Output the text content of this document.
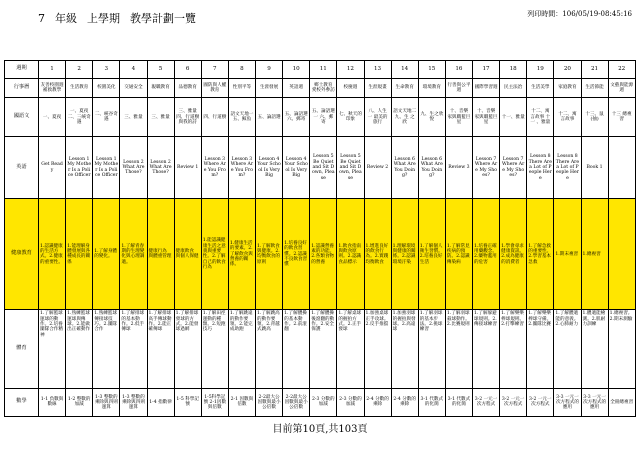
7 年級 上學期 教學計劃一覽	列印時間：106/05/19-08:45:16
週期	1	2	3	4	5	6	7	8	9	10	11	12	13	14	15	16	17	18	19	20	21	22
行事曆	友善校園週 補救教學	生活教育	校園美化	交通安全	親職教育	品德教育	國防與人權教育	性別平等	生涯發展	英語週	鄉土教育 愛校外參訪	校慶週	生涯規畫	生命教育	環境教育	行善與公平週	國際學習週	民主法治	生活美學	家庭教育	生活節能	文藝與能源週
國語文	一、夏夜	一、夏夜 二、三峽奇遇	二、峽谷奇遇	三、雅量	三、雅量	三、雅量 四、行道樹與我的詩	四、行道樹	語文天地一 五、鯨魚	五、論語選	五、論語選 六、郵寄	五、論語選 一 六、郵寄	七、秋天的 印象	八、人生 一 最美的旅行	語文天地二 九、生 之欣	九、生之欣悅	十、音樂 家與職籃巨星	十、音樂 家與職籃巨星	十一、雅量	十二、寓 言故事 十一 、雅量	十二、寓 言故事	十三、鼠 (抽)	十三 總複習
英語	Get Ready	Lesson 1 My Mother Is a Police Officer	Lesson 1 My Mother Is a Police Officer	Lesson 2 What Are Those?	Lesson 2 What Are Those?	Review 1	Lesson 3 Where Are You From?	Lesson 3 Where Are You From?	Lesson 4 Your School Is Very Big	Lesson 4 Your School Is Very Big	Lesson 5 Be Quiet and Sit Down, Please	Lesson 5 Be Quiet and Sit Down, Please	Review 2	Lesson 6 What Are You Doing?	Lesson 6 What Are You Doing?	Review 3	Lesson 7 Where Are My Shoes?	Lesson 7 Where Are My Shoes?	Lesson 8 There Are a Lot of People Here	Lesson 8 There Are a Lot of People Here	Book 1	
健康教育	1.認識健康的生活方式。2.健康的重要性。	1.能理解身體發展與各種成長的關係	1.了解身體的變化。	1.了解青春期的生理變化與心理調適。	健康行為 與體重管理	健康飲食 與個人保健	1.能認識健康生活之意義與重要性。2.了解自己的飲食行為	1.健康生活的要素。2.了解飲食與營養的關係。	1.了解飲食與健康。2.均衡飲食的原則	1.培養良好的飲食習慣。2.認識不良飲食習慣	1.認識營養素的功能。2.各類食物的營養	1.飲食指南與飲食原則。2.認識食品標示	1.增進良好的飲食行為。2.實踐均衡飲食	1.理解環境與健康的關係。2.認識環境汙染	1.了解個人衛生習慣。2.培養良好生活	1.了解常見疾病的預防。2.認識傳染病	1.培養正確用藥觀念。2.藥物濫用的危害	1.學會尋求健康資訊。2.成為健康的消費者	1.了解急救的重要性。2.學習基本急救	1.期末複習	1.總複習	
體育	1.了解籃球運球的動作。2.培養團隊合作精神	1.熟練籃球運球與傳球。2.能做出正確動作	1.熟練籃球傳接球技巧。2.團隊合作	1.了解排球的基本動作。2.低手傳球	1.了解排球高手傳球動作。2.能正確傳球	1.了解排球發球的方式。2.能發球過網	1.了解田徑運動的種類。2.短跑技巧	1.了解跳遠的動作要領。2.能完成助跑	1.了解跳高的動作要領。2.背越式跳高	1.了解體操的基本動作。2.前滾翻	1.了解體操後滾翻的動作。2.安全保護	1.了解桌球的握拍方式。2.正手發球	1.加強桌球正手攻球。2.反手推擋	1.加強羽球的握拍與發球。2.高遠球	1.了解羽球的基本步法。2.挑球練習	1.了解羽球殺球動作。2.比賽規則	1.了解躲避球規則。2.傳接球練習	1.了解樂樂棒球規則。2.打擊練習	1.了解樂樂棒球守備。2.團隊比賽	1.了解體適能的意義。2.心肺耐力	1.體適能檢測。2.肌耐力訓練	1.總複習。2.期末測驗
數學	1-1 負數與數線	1-2 整數的加減	1-3 整數的乘除與四則運算	1-3 整數的乘除與四則運算	1-4 指數律	1-5 科學記號	1-5科學記號 2-1因數與倍數	2-1 因數與倍數	2-2最大公因數與最小公倍數	2-2最大公因數與最小公倍數	2-3 分數的加減	2-3 分數的加減	2-4 分數的乘除	2-4 分數的乘除	3-1 代數式的化簡	3-1 代數式的化簡	3-2 一元一次方程式	3-2 一元一次方程式	3-2 一元一次方程式	3-3 一元一次方程式的應用	3-3 一元一次方程式的應用	全冊總複習
目前第10頁,共103頁
